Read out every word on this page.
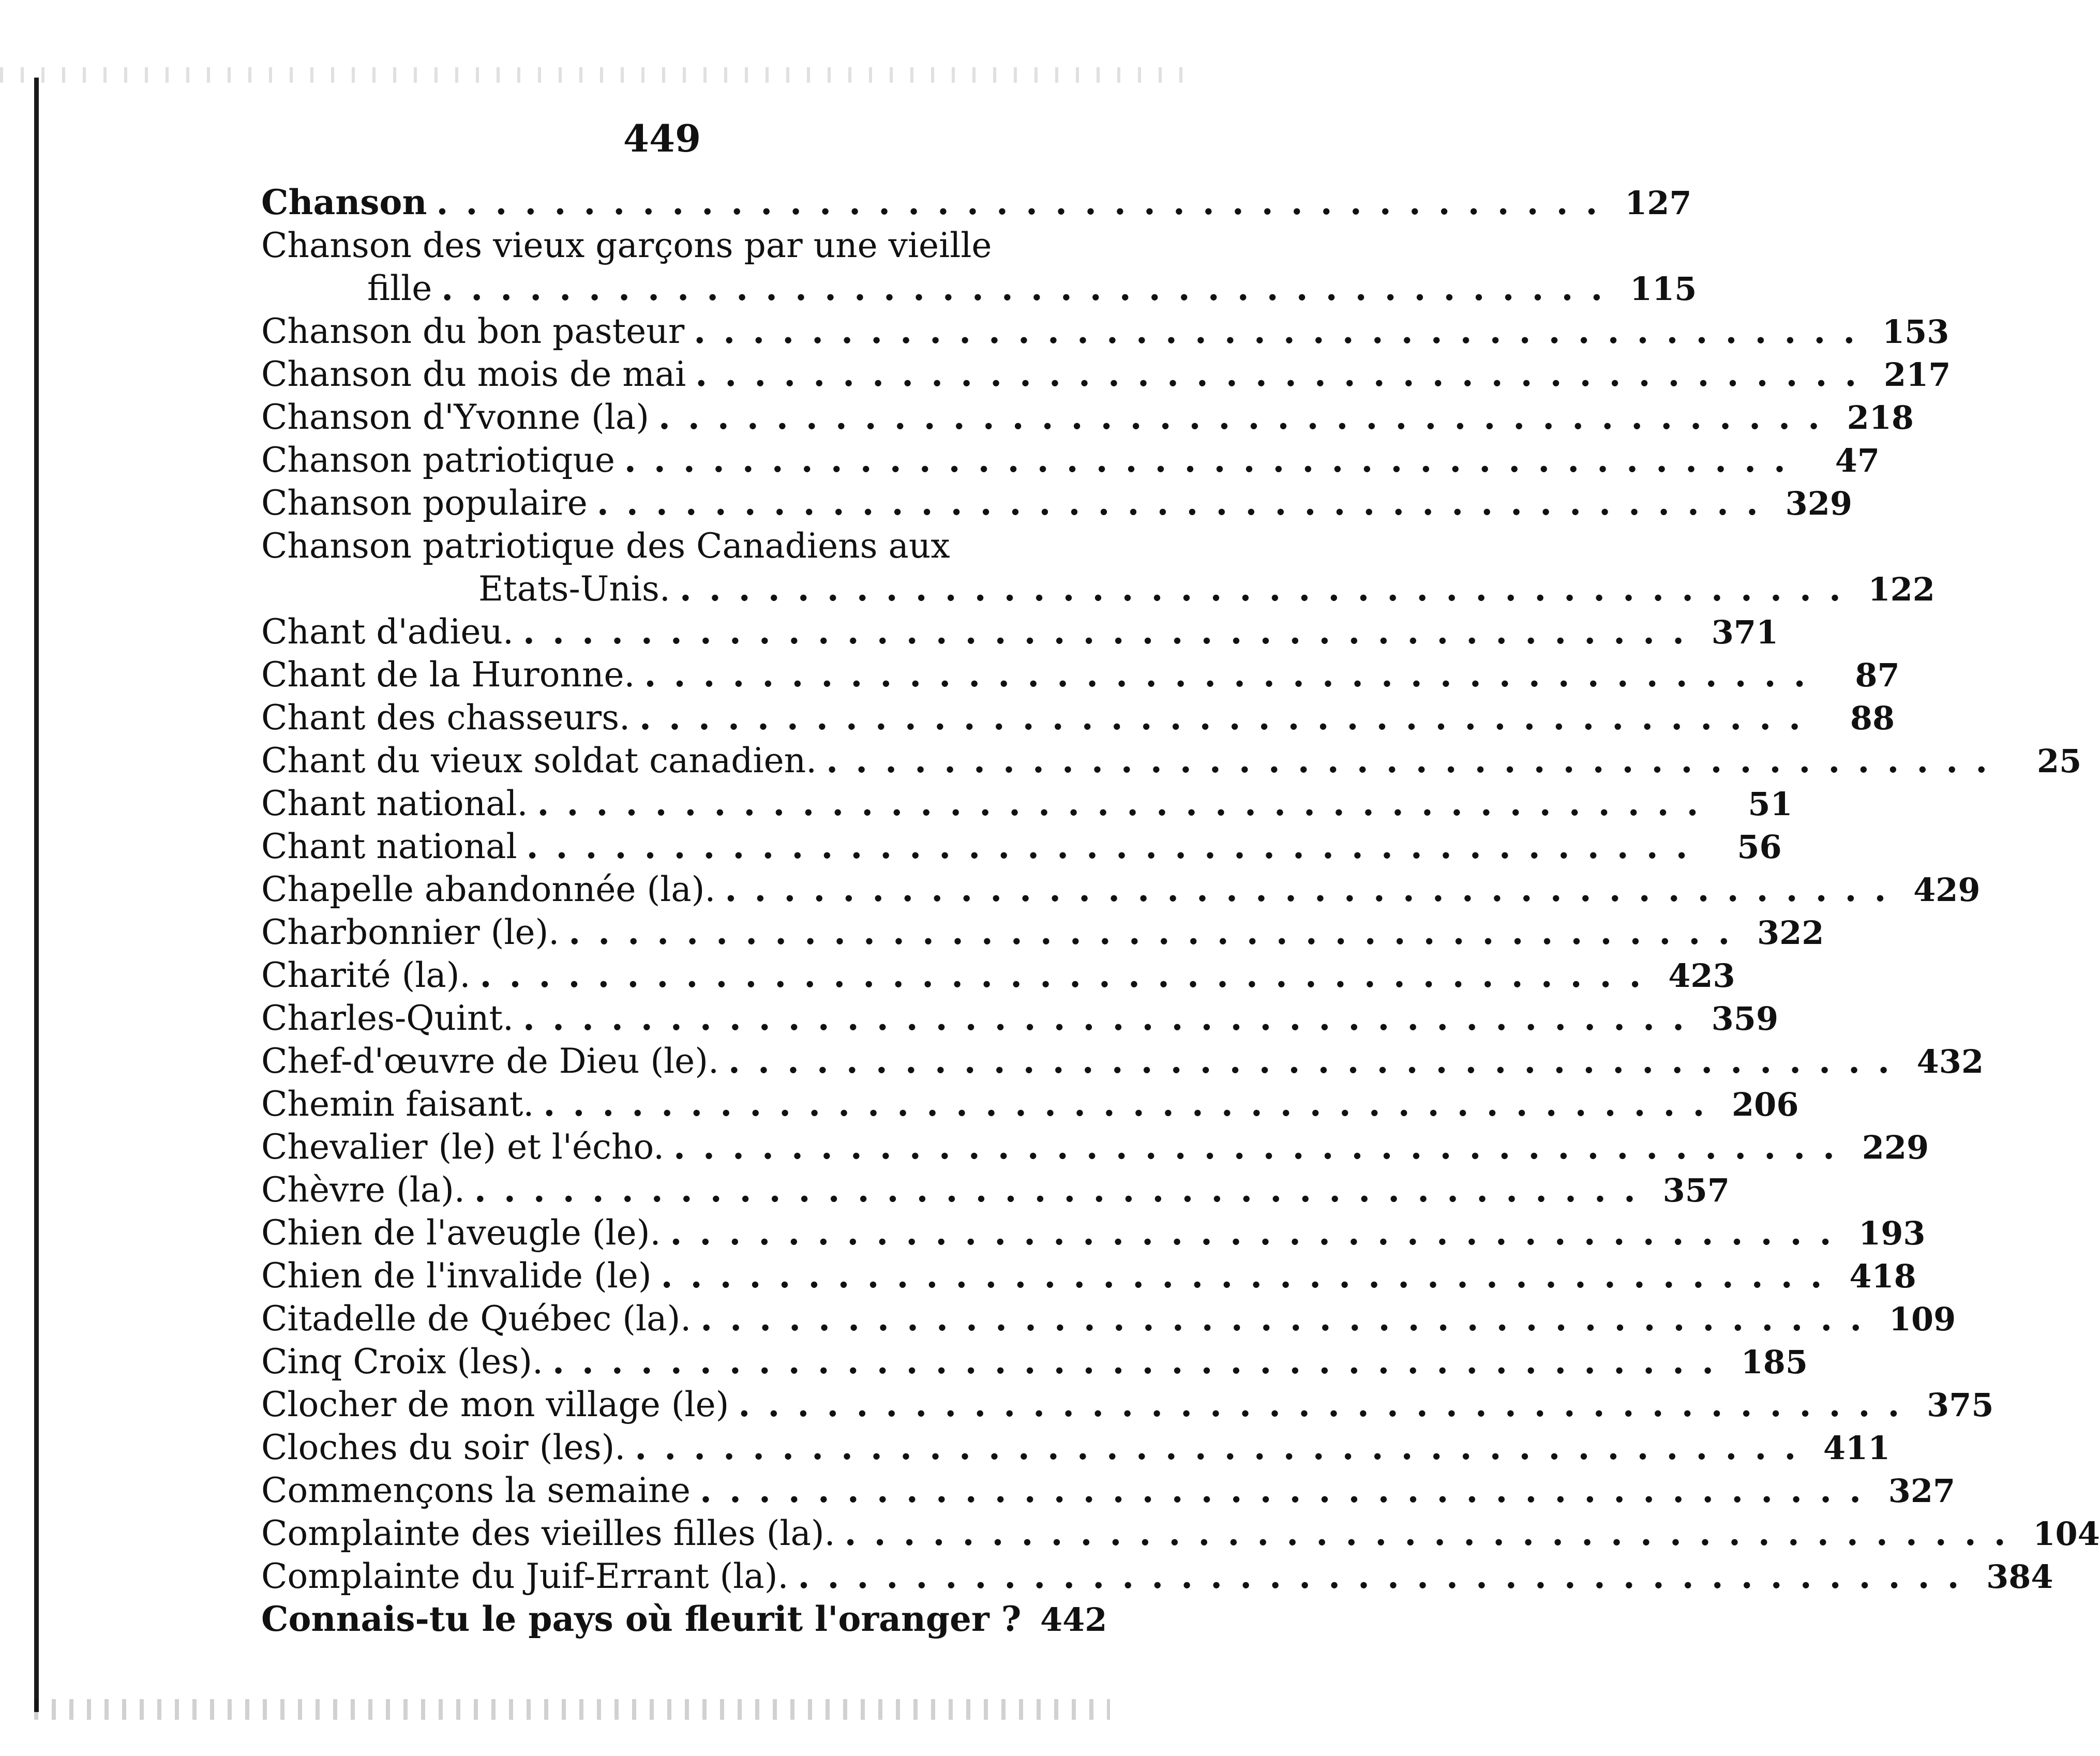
449
Chanson ........................................ 127
Chanson des vieux garçons par une vieille
fille ........................................ 115
Chanson du bon pasteur ........................................ 153
Chanson du mois de mai ........................................ 217
Chanson d'Yvonne (la) ........................................ 218
Chanson patriotique ........................................ 47
Chanson populaire ........................................ 329
Chanson patriotique des Canadiens aux
Etats-Unis. ........................................ 122
Chant d'adieu. ........................................ 371
Chant de la Huronne. ........................................ 87
Chant des chasseurs. ........................................ 88
Chant du vieux soldat canadien. ........................................ 25
Chant national. ........................................ 51
Chant national ........................................ 56
Chapelle abandonnée (la). ........................................ 429
Charbonnier (le). ........................................ 322
Charité (la). ........................................ 423
Charles-Quint. ........................................ 359
Chef-d'œuvre de Dieu (le). ........................................ 432
Chemin faisant. ........................................ 206
Chevalier (le) et l'écho. ........................................ 229
Chèvre (la). ........................................ 357
Chien de l'aveugle (le). ........................................ 193
Chien de l'invalide (le) ........................................ 418
Citadelle de Québec (la). ........................................ 109
Cinq Croix (les). ........................................ 185
Clocher de mon village (le) ........................................ 375
Cloches du soir (les). ........................................ 411
Commençons la semaine ........................................ 327
Complainte des vieilles filles (la). ........................................ 104
Complainte du Juif-Errant (la). ........................................ 384
Connais-tu le pays où fleurit l'oranger ? 442
